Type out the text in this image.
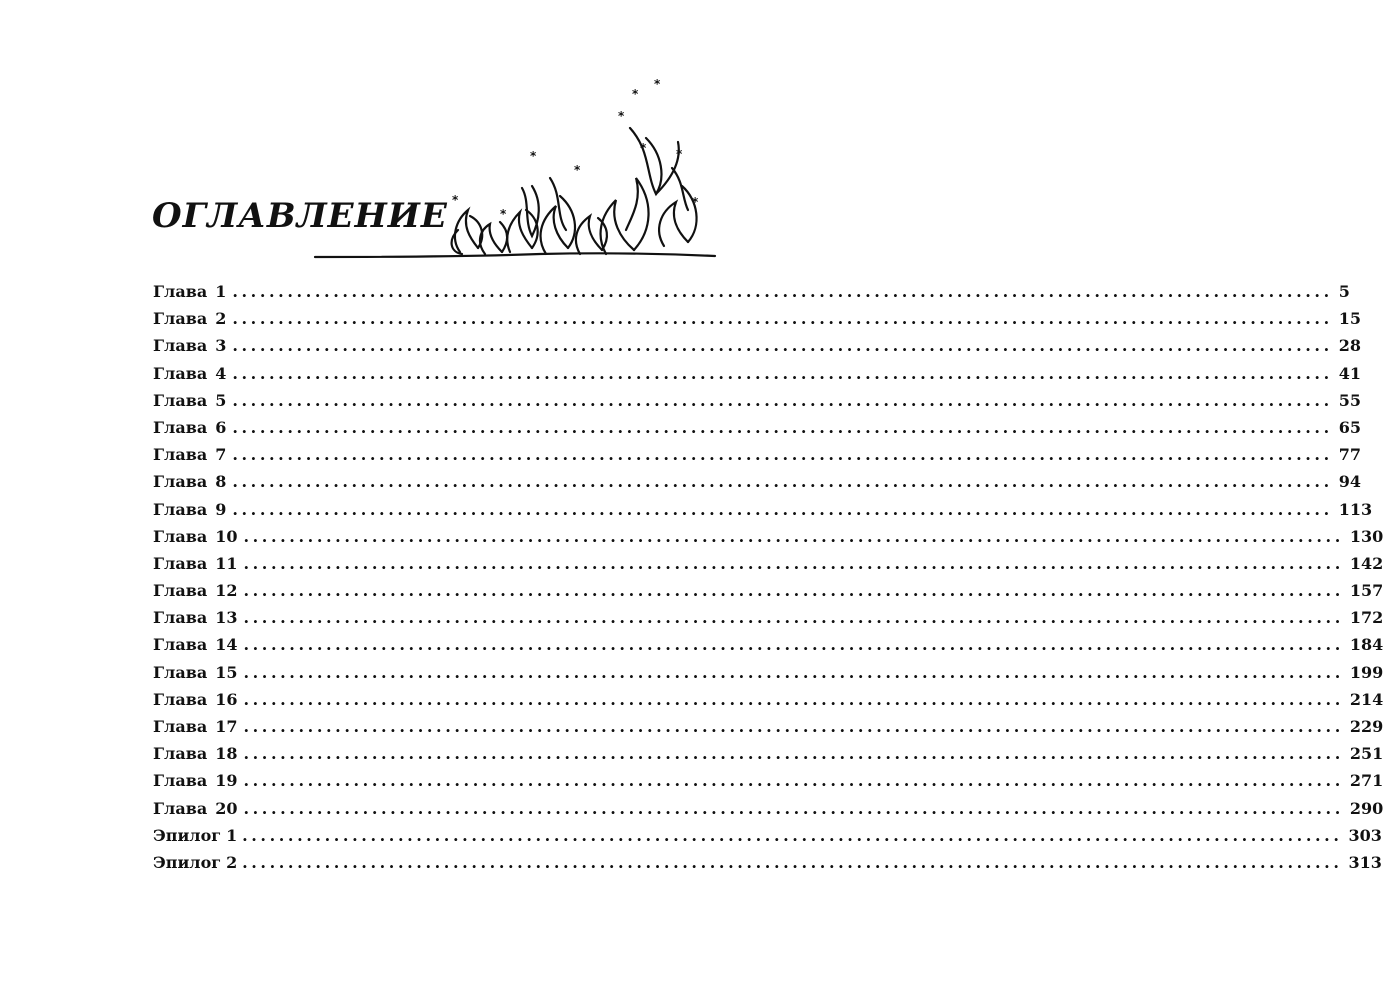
ОГЛАВЛЕНИЕ *
*
*
*
*
*
*
* *
*
Глава 1 ........................................................................................................................ 5
Глава 2 ........................................................................................................................ 15
Глава 3 ........................................................................................................................ 28
Глава 4 ........................................................................................................................ 41
Глава 5 ........................................................................................................................ 55
Глава 6 ........................................................................................................................ 65
Глава 7 ........................................................................................................................ 77
Глава 8 ........................................................................................................................ 94
Глава 9 ........................................................................................................................ 113
Глава 10 ........................................................................................................................ 130
Глава 11 ........................................................................................................................ 142
Глава 12 ........................................................................................................................ 157
Глава 13 ........................................................................................................................ 172
Глава 14 ........................................................................................................................ 184
Глава 15 ........................................................................................................................ 199
Глава 16 ........................................................................................................................ 214
Глава 17 ........................................................................................................................ 229
Глава 18 ........................................................................................................................ 251
Глава 19 ........................................................................................................................ 271
Глава 20 ........................................................................................................................ 290
Эпилог 1 ........................................................................................................................ 303
Эпилог 2 ........................................................................................................................ 313
